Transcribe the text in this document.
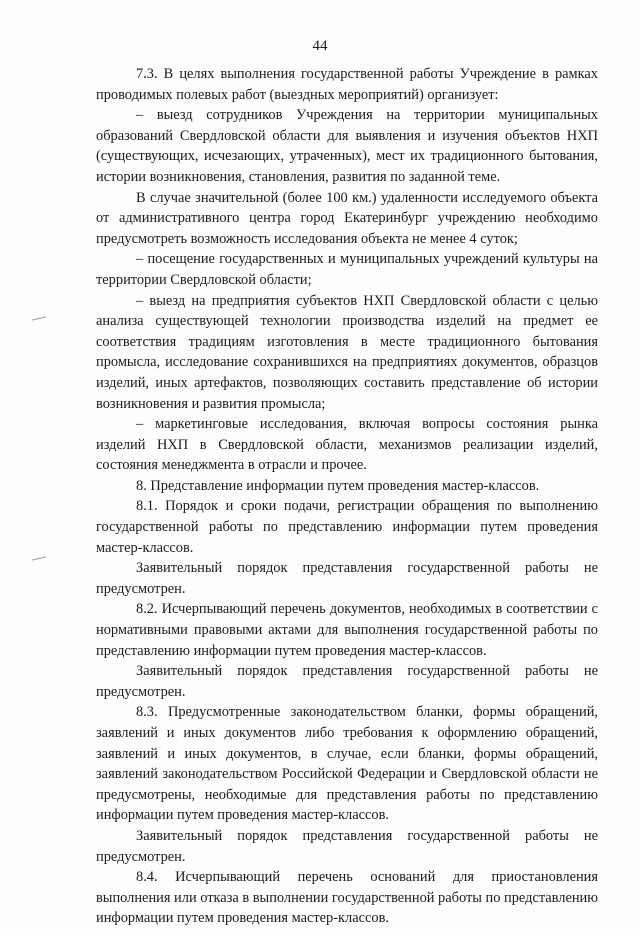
44

7.3. В целях выполнения государственной работы Учреждение в рамках проводимых полевых работ (выездных мероприятий) организует:

– выезд сотрудников Учреждения на территории муниципальных образований Свердловской области для выявления и изучения объектов НХП (существующих, исчезающих, утраченных), мест их традиционного бытования, истории возникновения, становления, развития по заданной теме.

В случае значительной (более 100 км.) удаленности исследуемого объекта от административного центра город Екатеринбург учреждению необходимо предусмотреть возможность исследования объекта не менее 4 суток;

– посещение государственных и муниципальных учреждений культуры на территории Свердловской области;

– выезд на предприятия субъектов НХП Свердловской области с целью анализа существующей технологии производства изделий на предмет ее соответствия традициям изготовления в месте традиционного бытования промысла, исследование сохранившихся на предприятиях документов, образцов изделий, иных артефактов, позволяющих составить представление об истории возникновения и развития промысла;

– маркетинговые исследования, включая вопросы состояния рынка изделий НХП в Свердловской области, механизмов реализации изделий, состояния менеджмента в отрасли и прочее.

8. Представление информации путем проведения мастер-классов.

8.1. Порядок и сроки подачи, регистрации обращения по выполнению государственной работы по представлению информации путем проведения мастер-классов.

Заявительный порядок представления государственной работы не предусмотрен.

8.2. Исчерпывающий перечень документов, необходимых в соответствии с нормативными правовыми актами для выполнения государственной работы по представлению информации путем проведения мастер-классов.

Заявительный порядок представления государственной работы не предусмотрен.

8.3. Предусмотренные законодательством бланки, формы обращений, заявлений и иных документов либо требования к оформлению обращений, заявлений и иных документов, в случае, если бланки, формы обращений, заявлений законодательством Российской Федерации и Свердловской области не предусмотрены, необходимые для представления работы по представлению информации путем проведения мастер-классов.

Заявительный порядок представления государственной работы не предусмотрен.

8.4. Исчерпывающий перечень оснований для приостановления выполнения или отказа в выполнении государственной работы по представлению информации путем проведения мастер-классов.
